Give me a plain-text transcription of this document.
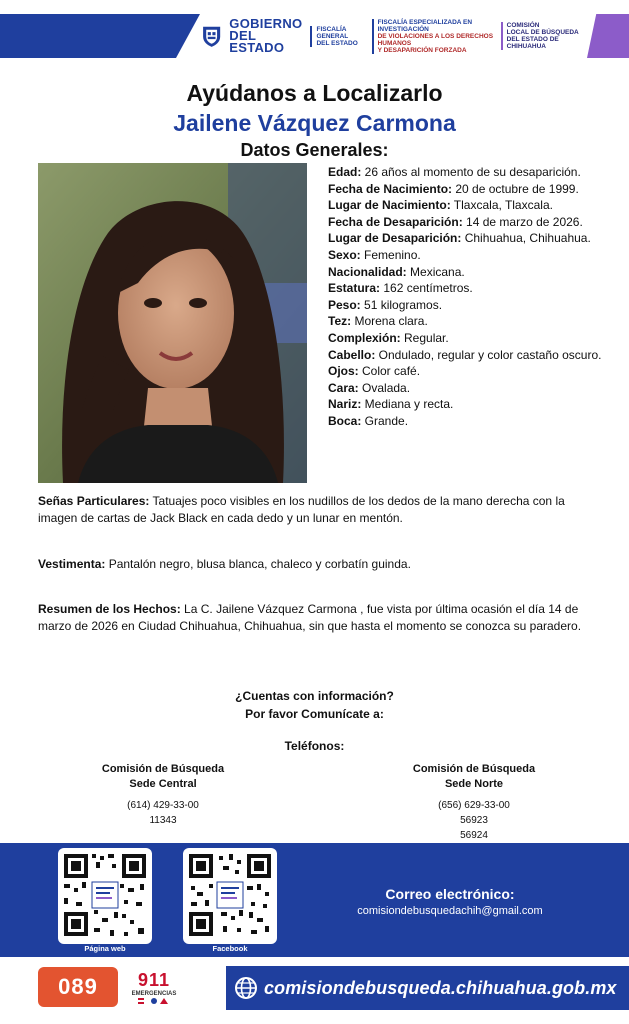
GOBIERNO
DEL ESTADO
FISCALÍA GENERAL
DEL ESTADO
FISCALÍA ESPECIALIZADA EN INVESTIGACIÓN
DE VIOLACIONES A LOS DERECHOS HUMANOS
Y DESAPARICIÓN FORZADA
COMISIÓN
LOCAL DE BÚSQUEDA
DEL ESTADO DE CHIHUAHUA
Ayúdanos a Localizarlo
Jailene Vázquez Carmona
Datos Generales:
Edad: 26 años al momento de su desaparición.
Fecha de Nacimiento: 20 de octubre de 1999.
Lugar de Nacimiento: Tlaxcala, Tlaxcala.
Fecha de Desaparición: 14 de marzo de 2026.
Lugar de Desaparición: Chihuahua, Chihuahua.
Sexo: Femenino.
Nacionalidad: Mexicana.
Estatura: 162 centímetros.
Peso: 51 kilogramos.
Tez: Morena clara.
Complexión: Regular.
Cabello: Ondulado, regular y color castaño oscuro.
Ojos: Color café.
Cara: Ovalada.
Nariz: Mediana y recta.
Boca: Grande.
Señas Particulares: Tatuajes poco visibles en los nudillos de los dedos de la mano derecha con la imagen de cartas de Jack Black en cada dedo y un lunar en mentón.
Vestimenta: Pantalón negro, blusa blanca, chaleco y corbatín guinda.
Resumen de los Hechos: La C. Jailene Vázquez Carmona , fue vista por última ocasión el día 14 de marzo de 2026 en Ciudad Chihuahua, Chihuahua, sin que hasta el momento se conozca su paradero.
¿Cuentas con información?
Por favor Comunícate a:
Teléfonos:
Comisión de Búsqueda
Sede Central
(614) 429-33-00
11343
Comisión de Búsqueda
Sede Norte
(656) 629-33-00
56923
56924
Página web	Facebook
Correo electrónico:
comisiondebusquedachih@gmail.com
089 911
EMERGENCIAS	comisiondebusqueda.chihuahua.gob.mx
